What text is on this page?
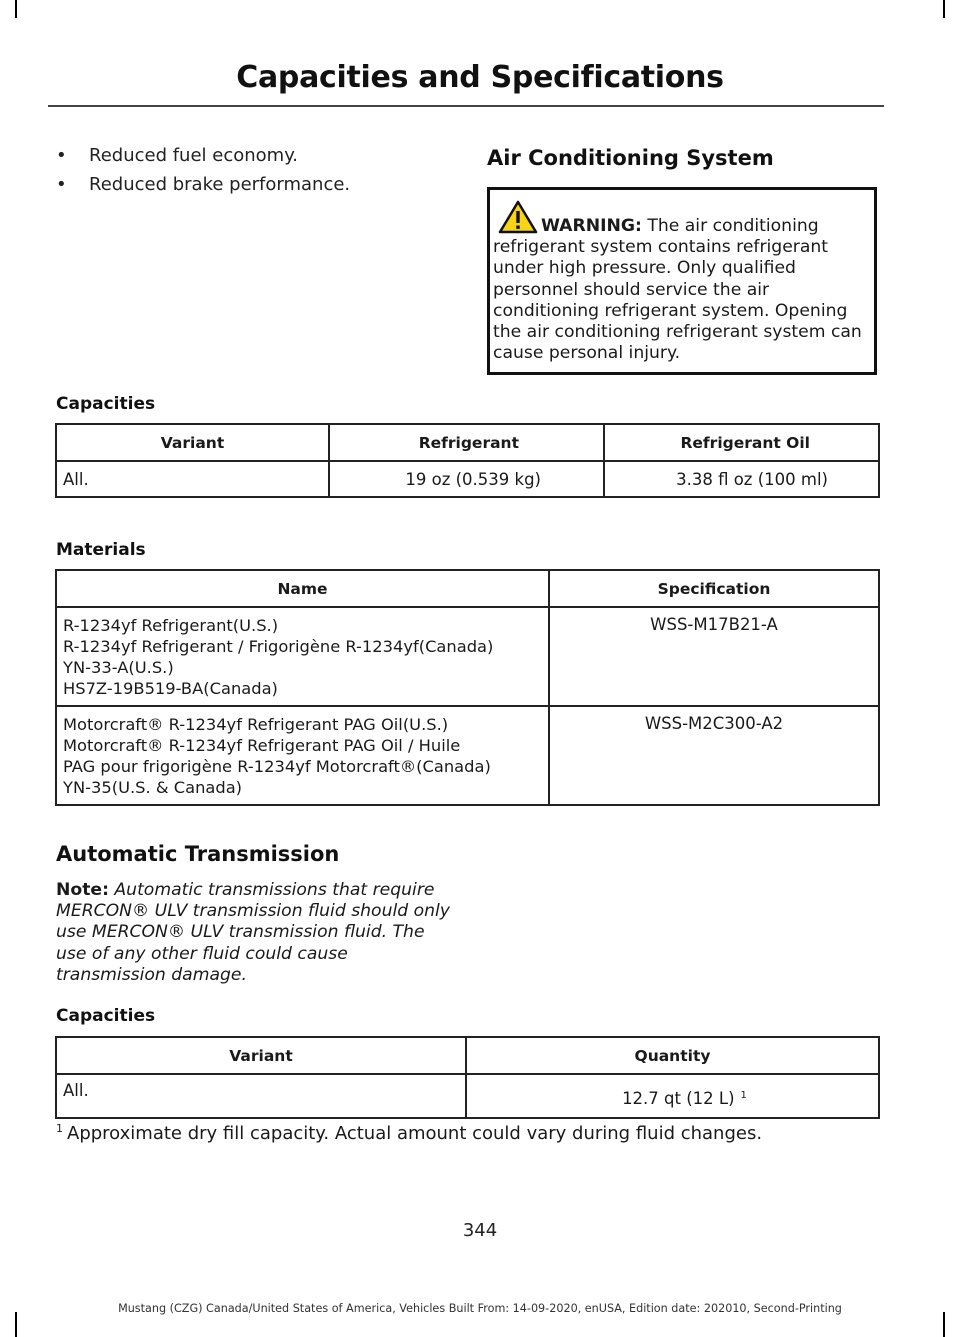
Capacities and Specifications
•	Reduced fuel economy.
•	Reduced brake performance.
Air Conditioning System
WARNING: The air conditioning refrigerant system contains refrigerant under high pressure. Only qualified personnel should service the air conditioning refrigerant system. Opening the air conditioning refrigerant system can cause personal injury.
Capacities
Variant	Refrigerant	Refrigerant Oil
All.	19 oz (0.539 kg)	3.38 fl oz (100 ml)
Materials
Name	Specification

R-1234yf Refrigerant(U.S.)
R-1234yf Refrigerant / Frigorigène R-1234yf(Canada)
YN-33-A(U.S.)
HS7Z-19B519-BA(Canada)	WSS-M17B21-A

Motorcraft® R-1234yf Refrigerant PAG Oil(U.S.)
Motorcraft® R-1234yf Refrigerant PAG Oil / Huile
PAG pour frigorigène R-1234yf Motorcraft®(Canada)
YN-35(U.S. & Canada)	WSS-M2C300-A2
Automatic Transmission
Note: Automatic transmissions that require MERCON® ULV transmission fluid should only use MERCON® ULV transmission fluid. The use of any other fluid could cause transmission damage.
Capacities
Variant	Quantity
All.	12.7 qt (12 L) $^1$
$^1$ Approximate dry fill capacity. Actual amount could vary during fluid changes.
344
Mustang (CZG) Canada/United States of America, Vehicles Built From: 14-09-2020, enUSA, Edition date: 202010, Second-Printing
